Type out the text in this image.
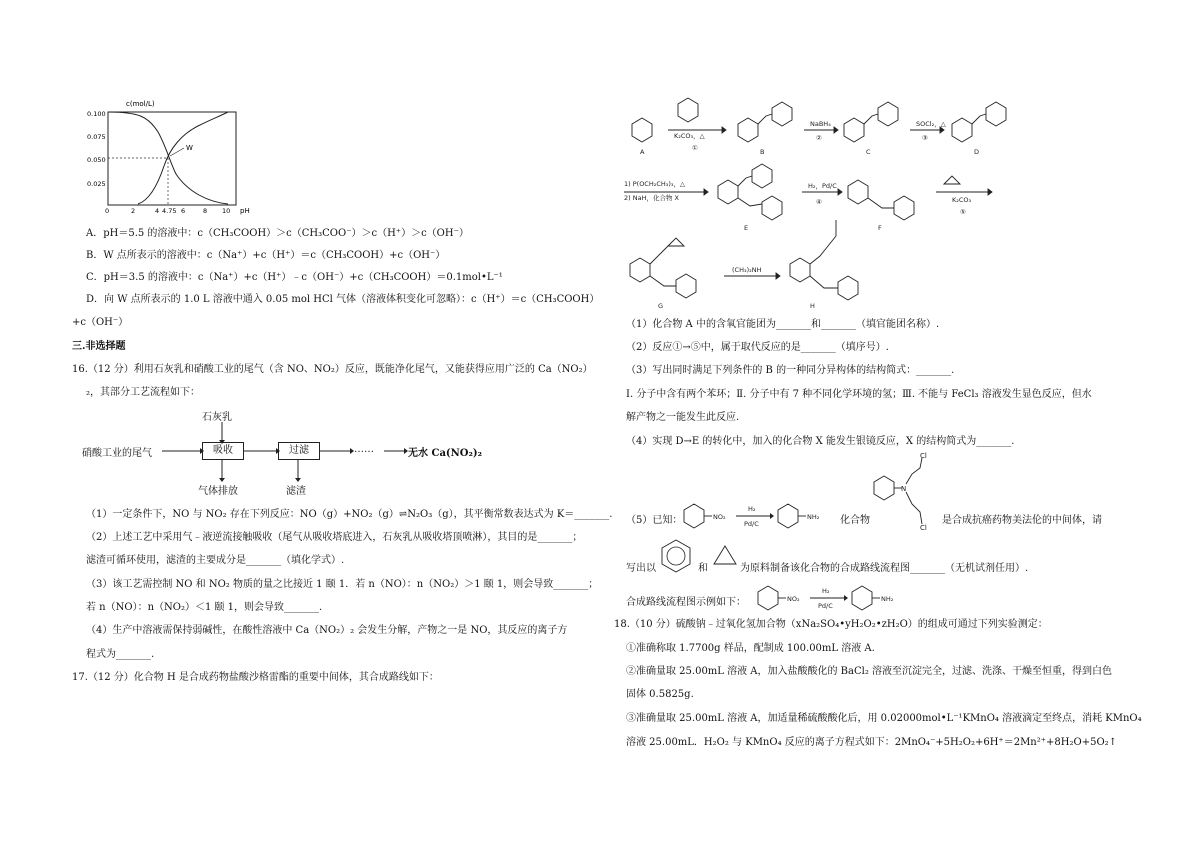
c(mol/L)
pH
0.100
0.075
0.050
0.025
0	2	4 4.75 6	8 10
W
A．pH＝5.5 的溶液中：c（CH₃COOH）＞c（CH₃COO⁻）＞c（H⁺）＞c（OH⁻）
B．W 点所表示的溶液中：c（Na⁺）+c（H⁺）＝c（CH₃COOH）+c（OH⁻）
C．pH＝3.5 的溶液中：c（Na⁺）+c（H⁺）﹣c（OH⁻）+c（CH₃COOH）＝0.1mol•L⁻¹
D．向 W 点所表示的 1.0 L 溶液中通入 0.05 mol HCl 气体（溶液体积变化可忽略）：c（H⁺）＝c（CH₃COOH）
+c（OH⁻）
三.非选择题
16.（12 分）利用石灰乳和硝酸工业的尾气（含 NO、NO₂）反应，既能净化尾气，又能获得应用广泛的 Ca（NO₂）
₂，其部分工艺流程如下：
硝酸工业的尾气
石灰乳
吸收	过滤	……	无水 Ca(NO₂)₂
气体排放	滤渣
（1）一定条件下，NO 与 NO₂ 存在下列反应：NO（g）+NO₂（g）⇌N₂O₃（g），其平衡常数表达式为 K＝_______.
（2）上述工艺中采用气﹣液逆流接触吸收（尾气从吸收塔底进入，石灰乳从吸收塔顶喷淋），其目的是_______；
滤渣可循环使用，滤渣的主要成分是_______（填化学式）.
（3）该工艺需控制 NO 和 NO₂ 物质的量之比接近 1 颐 1．若 n（NO）：n（NO₂）＞1 颐 1，则会导致_______；
若 n（NO）：n（NO₂）＜1 颐 1，则会导致_______.
（4）生产中溶液需保持弱碱性，在酸性溶液中 Ca（NO₂）₂ 会发生分解，产物之一是 NO，其反应的离子方
程式为_______.
17.（12 分）化合物 H 是合成药物盐酸沙格雷酯的重要中间体，其合成路线如下：
A	B	C	D
E	F
G	H
K₂CO₃，△
NaBH₄	SOCl₂，△
1) P(OCH₂CH₃)₃，△
2) NaH，化合物 X
H₂，Pd/C
K₂CO₃
(CH₃)₂NH
①
②	③
④
⑤
（1）化合物 A 中的含氧官能团为_______和_______（填官能团名称）.
（2）反应①→⑤中，属于取代反应的是_______（填序号）.
（3）写出同时满足下列条件的 B 的一种同分异构体的结构简式：_______.
Ⅰ. 分子中含有两个苯环；Ⅱ. 分子中有 7 种不同化学环境的氢；Ⅲ. 不能与 FeCl₃ 溶液发生显色反应，但水
解产物之一能发生此反应.
（4）实现 D→E 的转化中，加入的化合物 X 能发生银镜反应，X 的结构简式为_______.
（5）已知：	NO₂
H₂
Pd/C
NH₂ 化合物
N
Cl
Cl
是合成抗癌药物美法伦的中间体，请
写出以	和	为原料制备该化合物的合成路线流程图_______（无机试剂任用）.
合成路线流程图示例如下：	NO₂
H₂
Pd/C
NH₂
18.（10 分）硫酸钠﹣过氧化氢加合物（xNa₂SO₄•yH₂O₂•zH₂O）的组成可通过下列实验测定：
①准确称取 1.7700g 样品，配制成 100.00mL 溶液 A.
②准确量取 25.00mL 溶液 A，加入盐酸酸化的 BaCl₂ 溶液至沉淀完全，过滤、洗涤、干燥至恒重，得到白色
固体 0.5825g.
③准确量取 25.00mL 溶液 A，加适量稀硫酸酸化后，用 0.02000mol•L⁻¹KMnO₄ 溶液滴定至终点，消耗 KMnO₄
溶液 25.00mL．H₂O₂ 与 KMnO₄ 反应的离子方程式如下：2MnO₄⁻+5H₂O₂+6H⁺＝2Mn²⁺+8H₂O+5O₂↑
